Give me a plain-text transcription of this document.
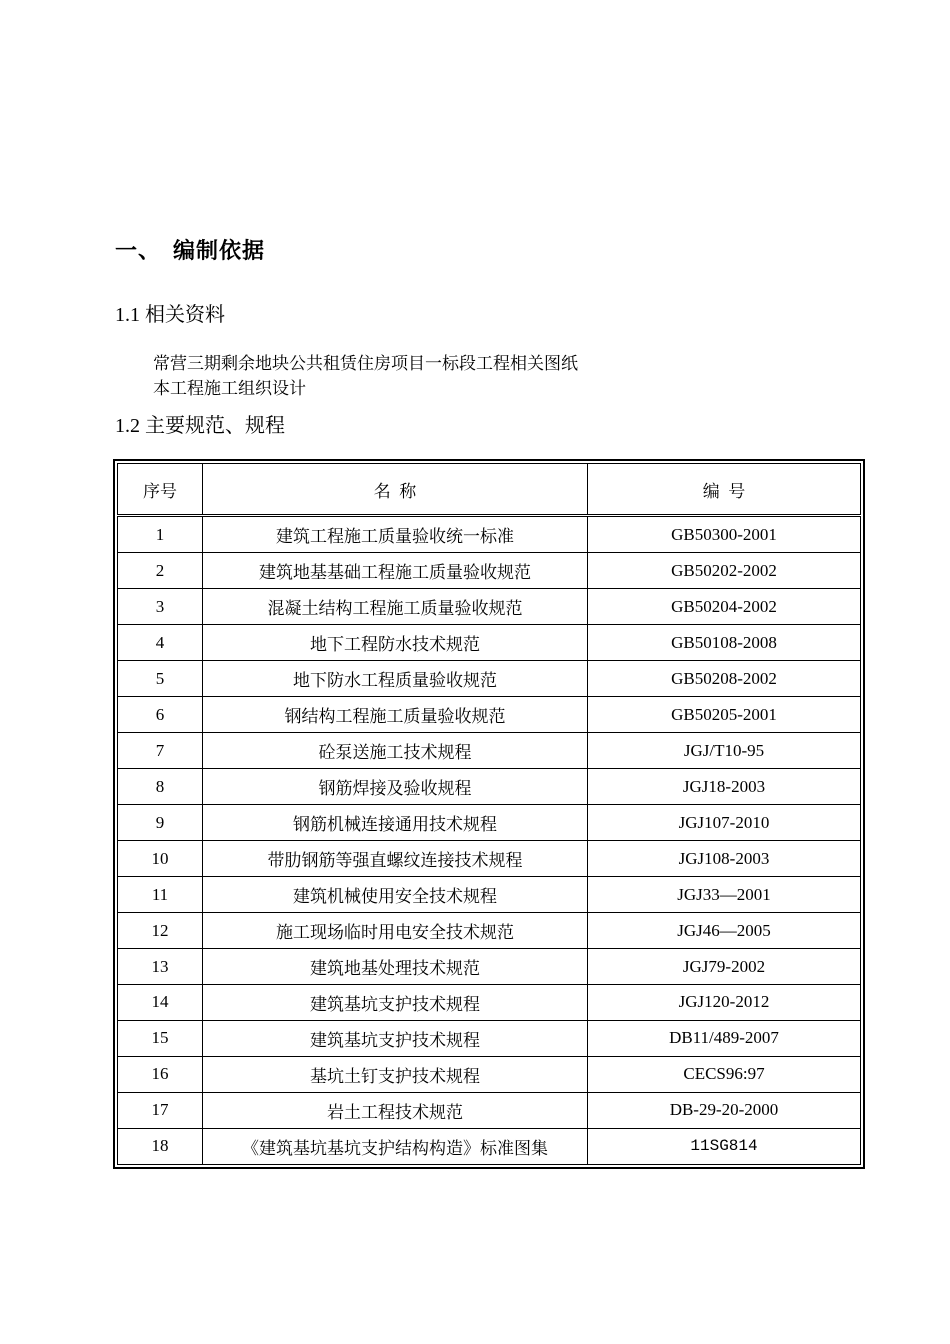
一、 编制依据
1.1 相关资料
常营三期剩余地块公共租赁住房项目一标段工程相关图纸
本工程施工组织设计
1.2 主要规范、规程
序号	名  称	编  号
1	建筑工程施工质量验收统一标准	GB50300-2001
2	建筑地基基础工程施工质量验收规范	GB50202-2002
3	混凝土结构工程施工质量验收规范	GB50204-2002
4	地下工程防水技术规范	GB50108-2008
5	地下防水工程质量验收规范	GB50208-2002
6	钢结构工程施工质量验收规范	GB50205-2001
7	砼泵送施工技术规程	JGJ/T10-95
8	钢筋焊接及验收规程	JGJ18-2003
9	钢筋机械连接通用技术规程	JGJ107-2010
10	带肋钢筋等强直螺纹连接技术规程	JGJ108-2003
11	建筑机械使用安全技术规程	JGJ33—2001
12	施工现场临时用电安全技术规范	JGJ46—2005
13	建筑地基处理技术规范	JGJ79-2002
14	建筑基坑支护技术规程	JGJ120-2012
15	建筑基坑支护技术规程	DB11/489-2007
16	基坑土钉支护技术规程	CECS96:97
17	岩土工程技术规范	DB-29-20-2000
18	《建筑基坑基坑支护结构构造》标准图集	11SG814
